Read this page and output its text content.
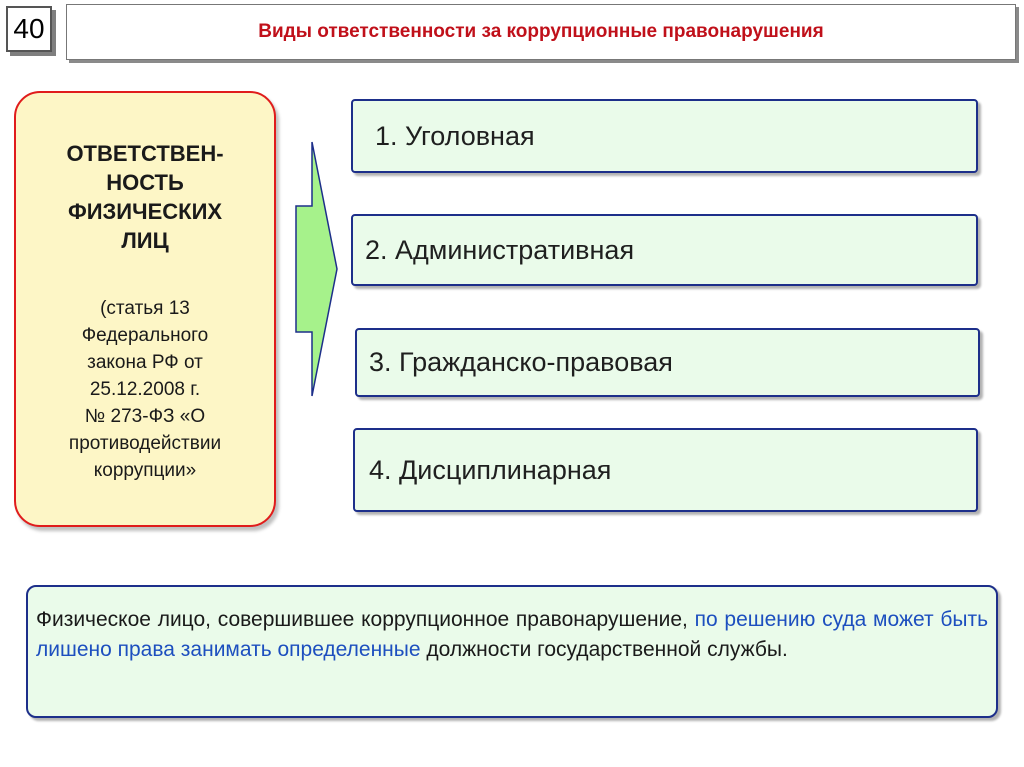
40	Виды ответственности за коррупционные правонарушения
ОТВЕТСТВЕН-
НОСТЬ
ФИЗИЧЕСКИХ
ЛИЦ
(статья 13
Федерального
закона РФ от
25.12.2008 г.
№ 273-ФЗ «О
противодействии
коррупции»
1. Уголовная
2. Административная
3. Гражданско-правовая
4. Дисциплинарная
Физическое лицо, совершившее коррупционное правонарушение, по решению суда может быть лишено права занимать определенные должности государственной службы.
